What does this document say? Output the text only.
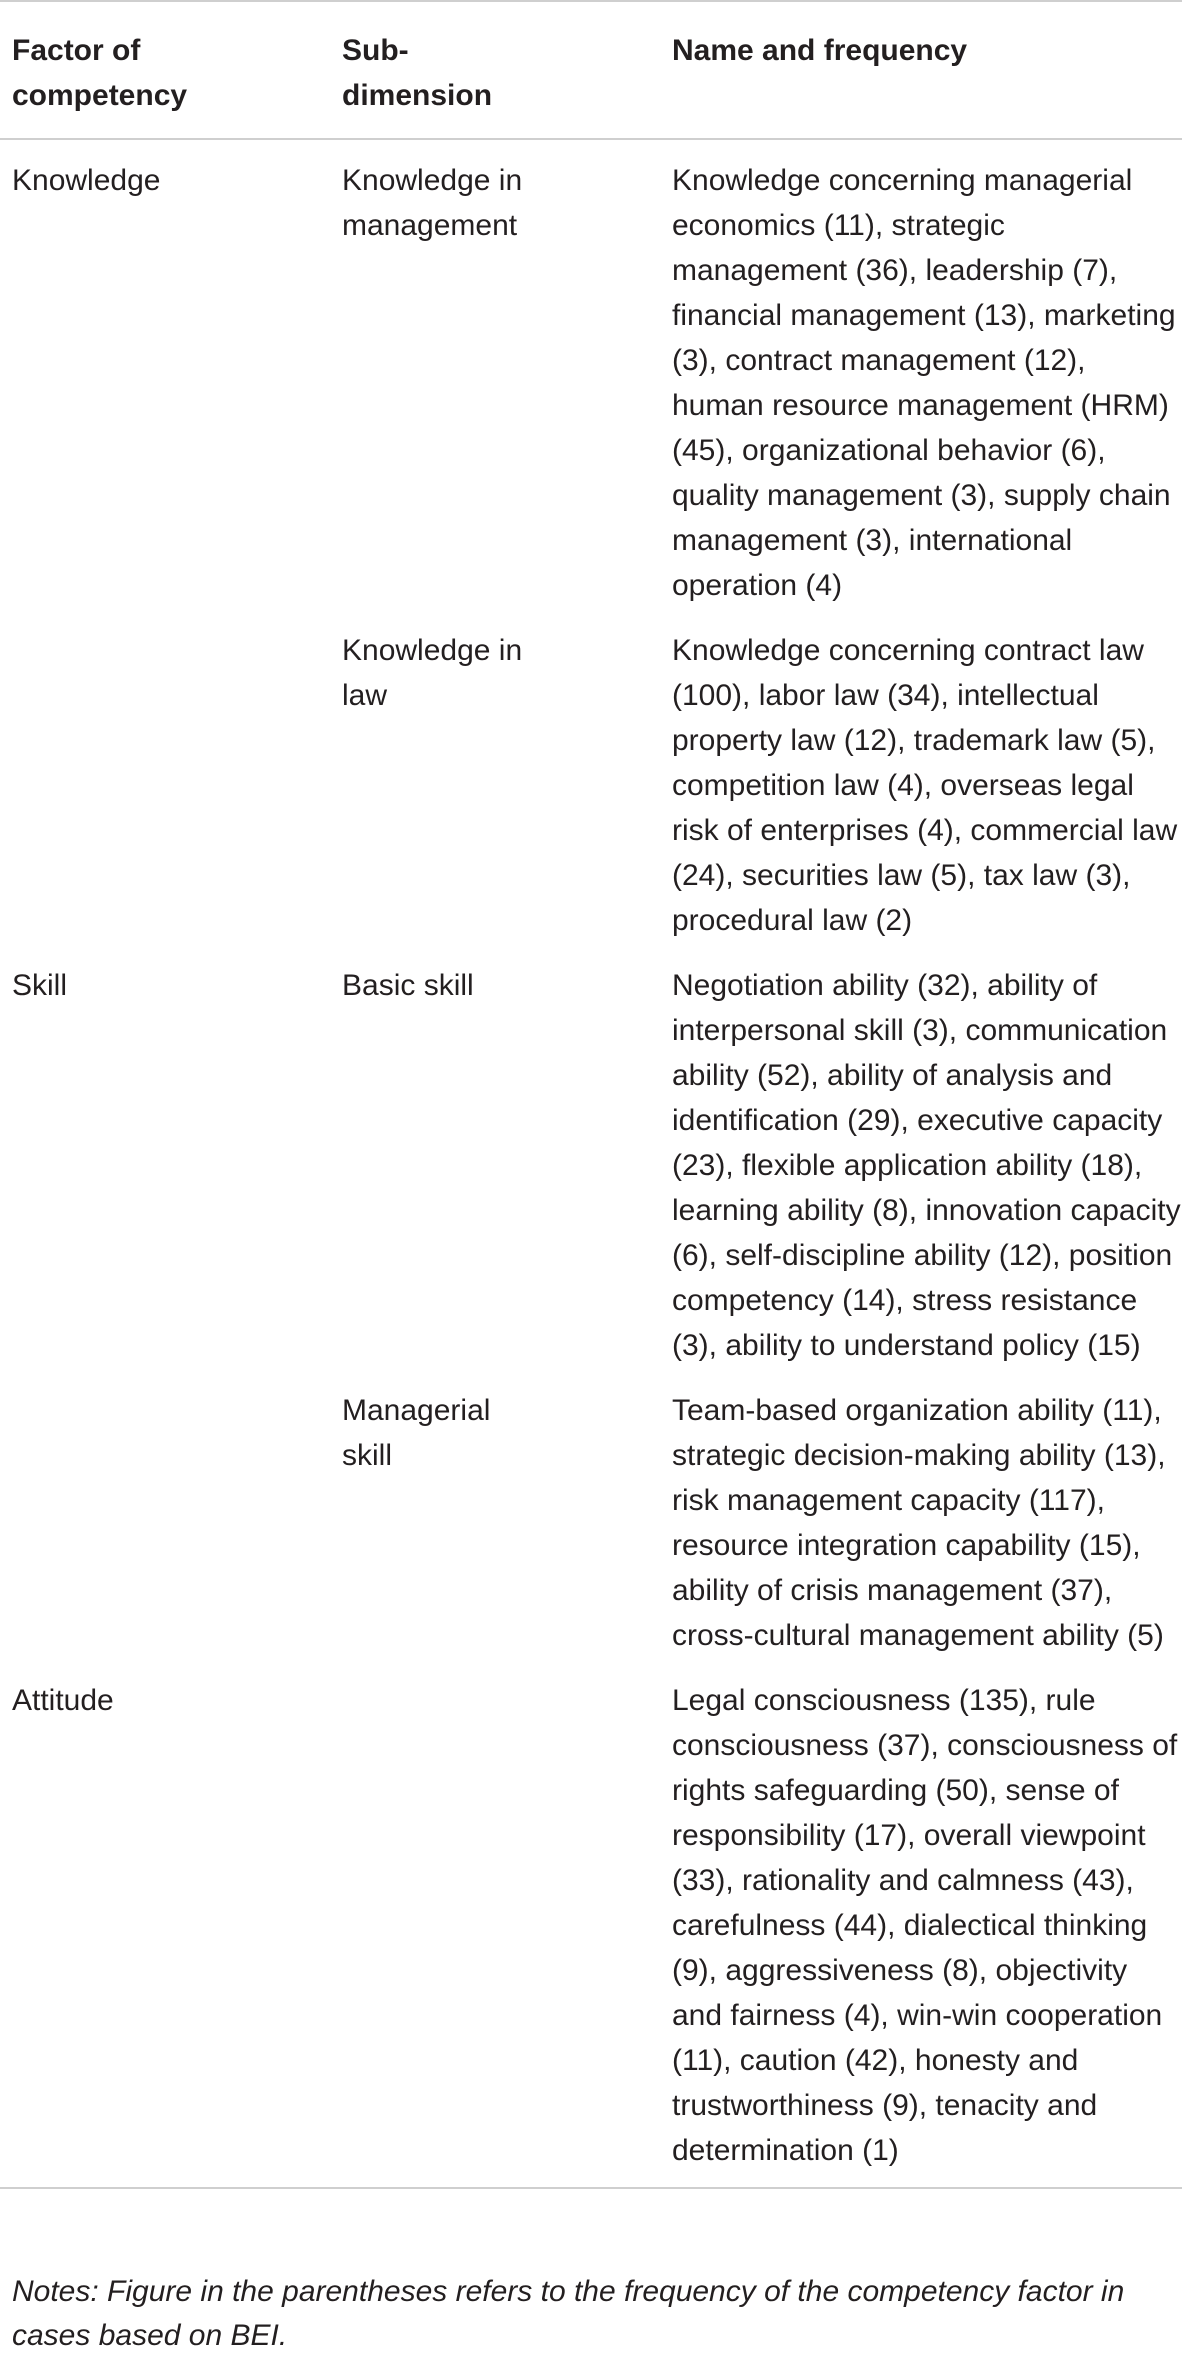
Factor of competency	Sub-dimension	Name and frequency
Knowledge	Knowledge in management	Knowledge concerning managerial economics (11), strategic management (36), leadership (7), financial management (13), marketing (3), contract management (12), human resource management (HRM) (45), organizational behavior (6), quality management (3), supply chain management (3), international operation (4)
	Knowledge in law	Knowledge concerning contract law (100), labor law (34), intellectual property law (12), trademark law (5), competition law (4), overseas legal risk of enterprises (4), commercial law (24), securities law (5), tax law (3), procedural law (2)
Skill	Basic skill	Negotiation ability (32), ability of interpersonal skill (3), communication ability (52), ability of analysis and identification (29), executive capacity (23), flexible application ability (18), learning ability (8), innovation capacity (6), self-discipline ability (12), position competency (14), stress resistance (3), ability to understand policy (15)
	Managerial skill	Team-based organization ability (11), strategic decision-making ability (13), risk management capacity (117), resource integration capability (15), ability of crisis management (37), cross-cultural management ability (5)
Attitude		Legal consciousness (135), rule consciousness (37), consciousness of rights safeguarding (50), sense of responsibility (17), overall viewpoint (33), rationality and calmness (43), carefulness (44), dialectical thinking (9), aggressiveness (8), objectivity and fairness (4), win-win cooperation (11), caution (42), honesty and trustworthiness (9), tenacity and determination (1)
Notes: Figure in the parentheses refers to the frequency of the competency factor in cases based on BEI.
